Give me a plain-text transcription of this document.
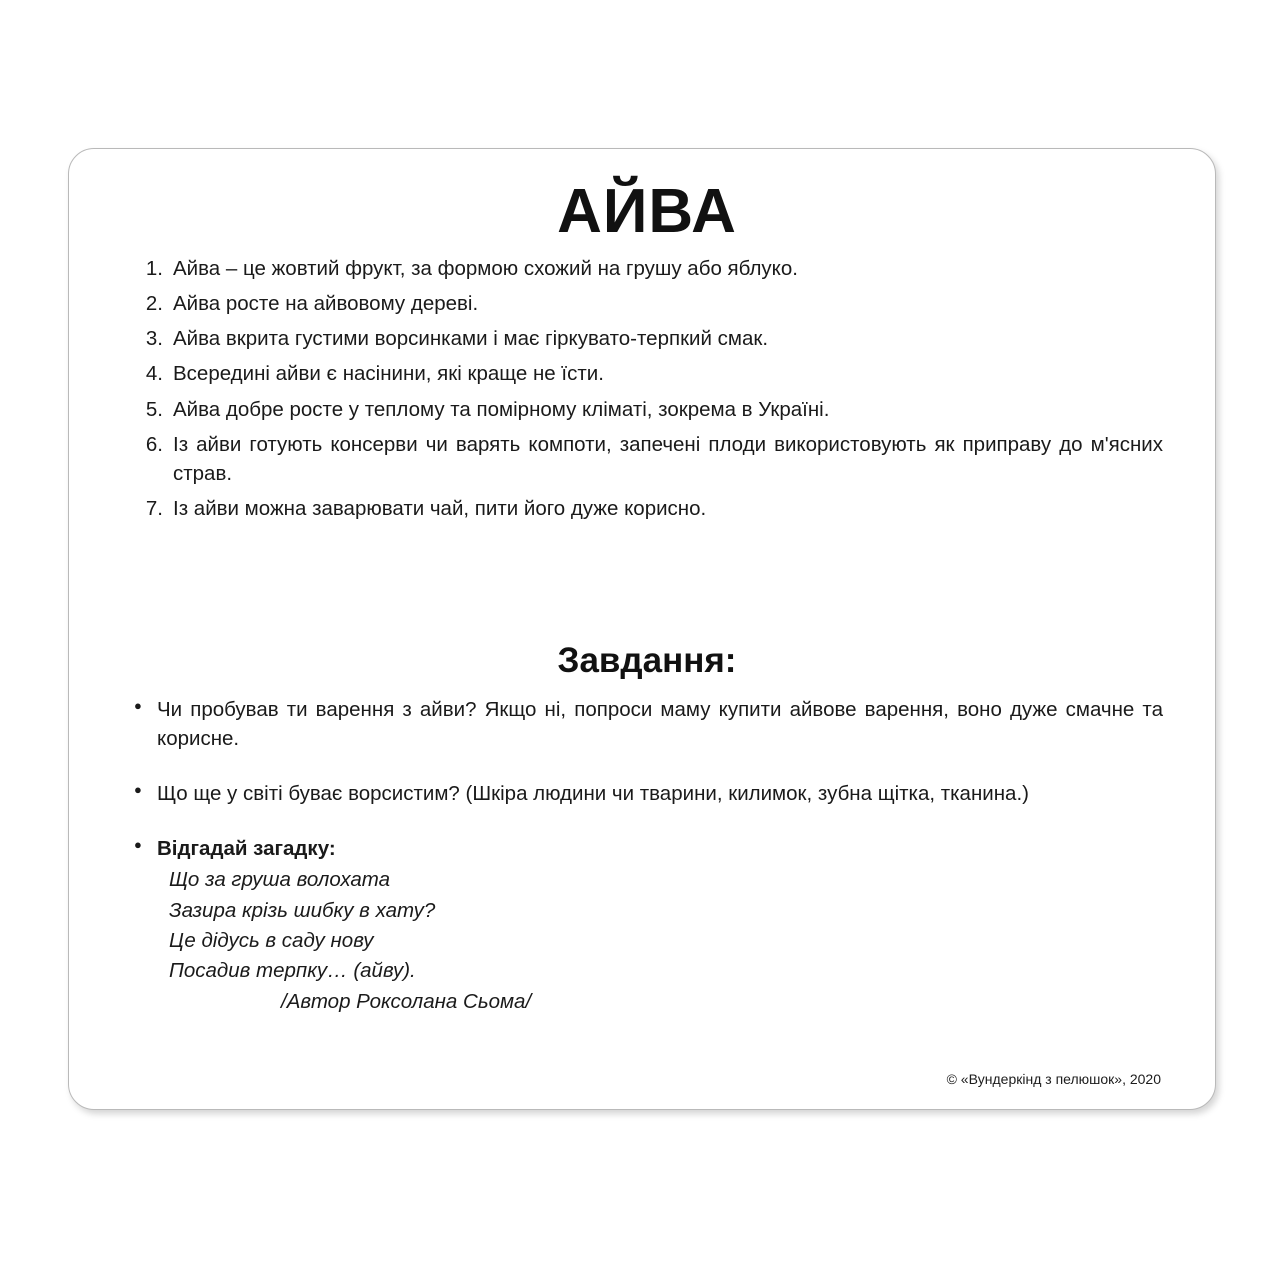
АЙВА
Айва – це жовтий фрукт, за формою схожий на грушу або яблуко.
Айва росте на айвовому дереві.
Айва вкрита густими ворсинками і має гіркувато-терпкий смак.
Всередині айви є насінини, які краще не їсти.
Айва добре росте у теплому та помірному кліматі, зокрема в Україні.
Із айви готують консерви чи варять компоти, запечені плоди використовують як приправу до м'ясних страв.
Із айви можна заварювати чай, пити його дуже корисно.
Завдання:
● Чи пробував ти варення з айви? Якщо ні, попроси маму купити айвове варення, воно дуже смачне та корисне.
● Що ще у світі буває ворсистим? (Шкіра людини чи тварини, килимок, зубна щітка, тканина.)
● Відгадай загадку:
Що за груша волохата
Зазира крізь шибку в хату?
Це дідусь в саду нову
Посадив терпку… (айву).
/Автор Роксолана Сьома/
© «Вундеркінд з пелюшок», 2020
